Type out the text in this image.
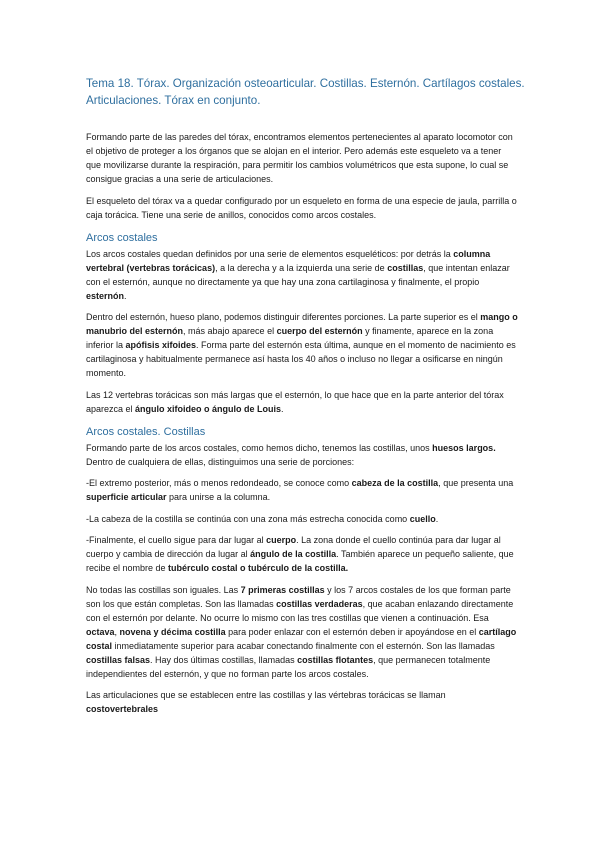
Tema 18. Tórax. Organización osteoarticular. Costillas. Esternón. Cartílagos costales. Articulaciones. Tórax en conjunto.

Formando parte de las paredes del tórax, encontramos elementos pertenecientes al aparato locomotor con el objetivo de proteger a los órganos que se alojan en el interior. Pero además este esqueleto va a tener que movilizarse durante la respiración, para permitir los cambios volumétricos que esta supone, lo cual se consigue gracias a una serie de articulaciones.

El esqueleto del tórax va a quedar configurado por un esqueleto en forma de una especie de jaula, parrilla o caja torácica. Tiene una serie de anillos, conocidos como arcos costales.

Arcos costales

Los arcos costales quedan definidos por una serie de elementos esqueléticos: por detrás la columna vertebral (vertebras torácicas), a la derecha y a la izquierda una serie de costillas, que intentan enlazar con el esternón, aunque no directamente ya que hay una zona cartilaginosa y finalmente, el propio esternón.

Dentro del esternón, hueso plano, podemos distinguir diferentes porciones. La parte superior es el mango o manubrio del esternón, más abajo aparece el cuerpo del esternón y finamente, aparece en la zona inferior la apófisis xifoides. Forma parte del esternón esta última, aunque en el momento de nacimiento es cartilaginosa y habitualmente permanece así hasta los 40 años o incluso no llegar a osificarse en ningún momento.

Las 12 vertebras torácicas son más largas que el esternón, lo que hace que en la parte anterior del tórax aparezca el ángulo xifoideo o ángulo de Louis.

Arcos costales. Costillas

Formando parte de los arcos costales, como hemos dicho, tenemos las costillas, unos huesos largos. Dentro de cualquiera de ellas, distinguimos una serie de porciones:

-El extremo posterior, más o menos redondeado, se conoce como cabeza de la costilla, que presenta una superficie articular para unirse a la columna.

-La cabeza de la costilla se continúa con una zona más estrecha conocida como cuello.

-Finalmente, el cuello sigue para dar lugar al cuerpo. La zona donde el cuello continúa para dar lugar al cuerpo y cambia de dirección da lugar al ángulo de la costilla. También aparece un pequeño saliente, que recibe el nombre de tubérculo costal o tubérculo de la costilla.

No todas las costillas son iguales. Las 7 primeras costillas y los 7 arcos costales de los que forman parte son los que están completas. Son las llamadas costillas verdaderas, que acaban enlazando directamente con el esternón por delante. No ocurre lo mismo con las tres costillas que vienen a continuación. Esa octava, novena y décima costilla para poder enlazar con el esternón deben ir apoyándose en el cartílago costal inmediatamente superior para acabar conectando finalmente con el esternón. Son las llamadas costillas falsas. Hay dos últimas costillas, llamadas costillas flotantes, que permanecen totalmente independientes del esternón, y que no forman parte los arcos costales.

Las articulaciones que se establecen entre las costillas y las vértebras torácicas se llaman costovertebrales
